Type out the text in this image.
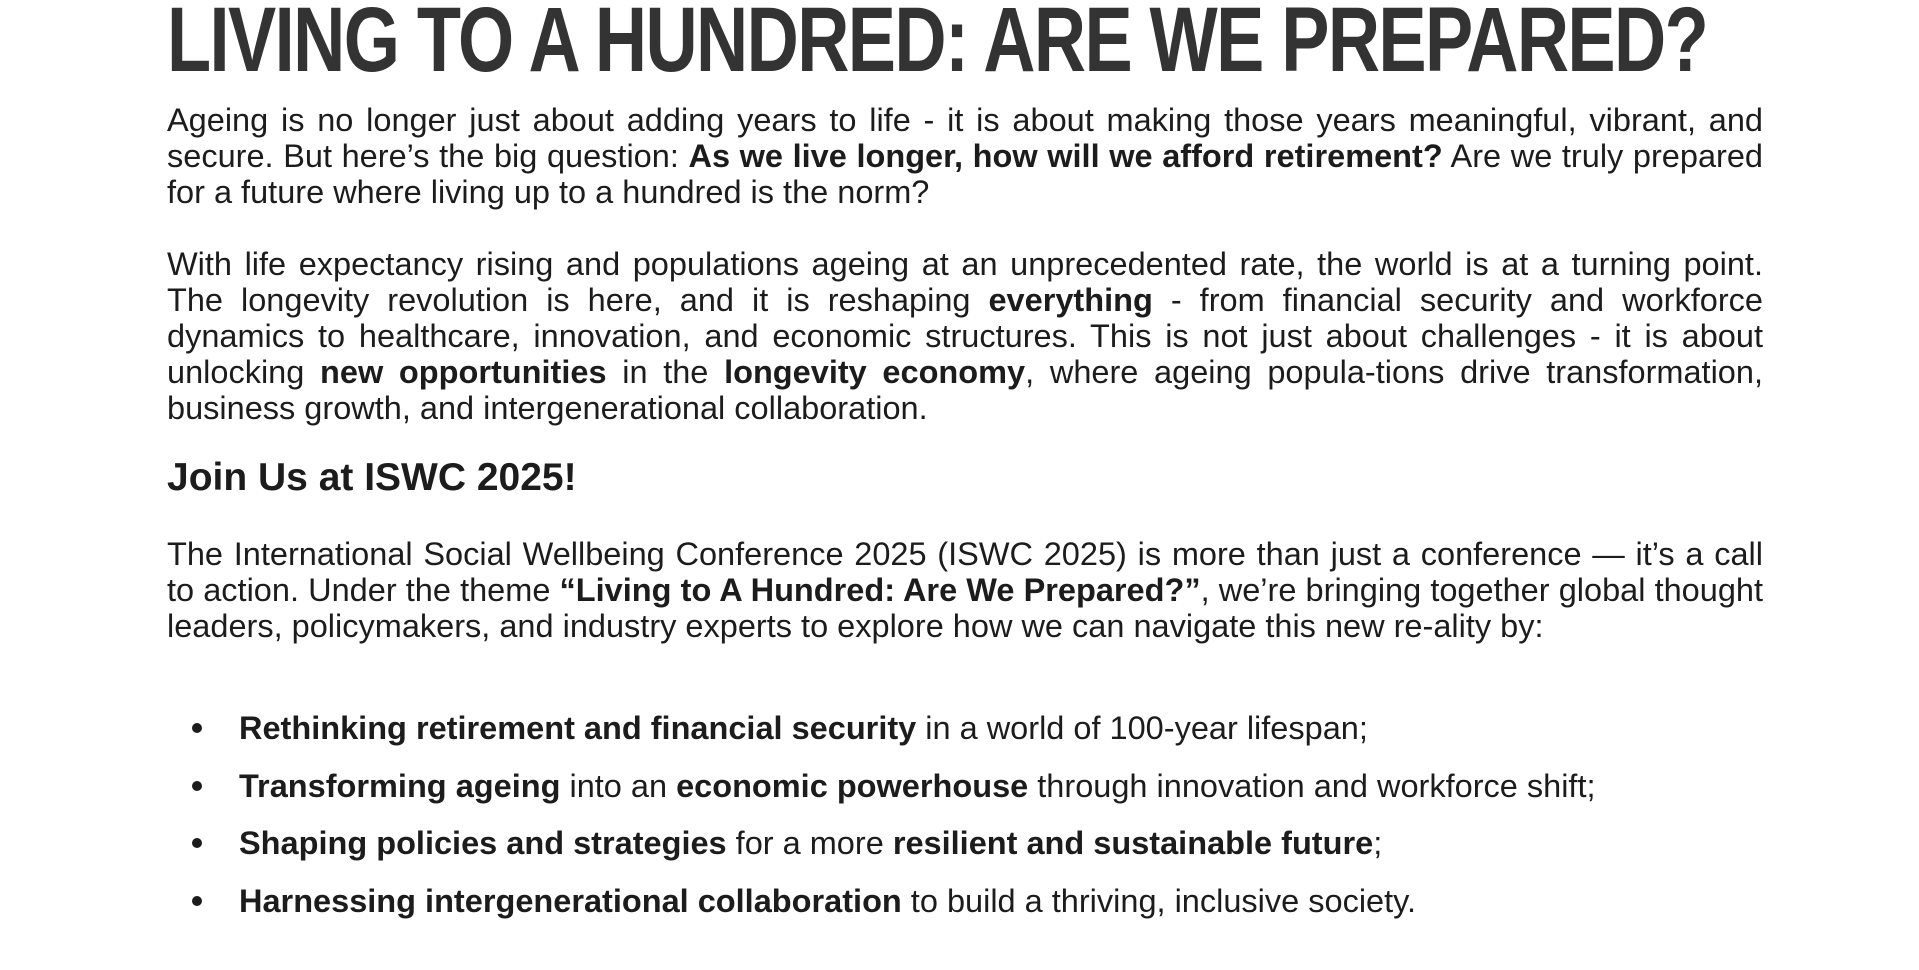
LIVING TO A HUNDRED: ARE WE PREPARED?

Ageing is no longer just about adding years to life - it is about making those years meaningful, vibrant, and secure. But here’s the big question: As we live longer, how will we afford retirement? Are we truly prepared for a future where living up to a hundred is the norm?

With life expectancy rising and populations ageing at an unprecedented rate, the world is at a turning point. The longevity revolution is here, and it is reshaping everything - from financial security and workforce dynamics to healthcare, innovation, and economic structures. This is not just about challenges - it is about unlocking new opportunities in the longevity economy, where ageing popula-tions drive transformation, business growth, and intergenerational collaboration.

Join Us at ISWC 2025!

The International Social Wellbeing Conference 2025 (ISWC 2025) is more than just a conference — it’s a call to action. Under the theme “Living to A Hundred: Are We Prepared?”, we’re bringing together global thought leaders, policymakers, and industry experts to explore how we can navigate this new re-ality by:

Rethinking retirement and financial security in a world of 100-year lifespan;
Transforming ageing into an economic powerhouse through innovation and workforce shift;
Shaping policies and strategies for a more resilient and sustainable future;
Harnessing intergenerational collaboration to build a thriving, inclusive society.
